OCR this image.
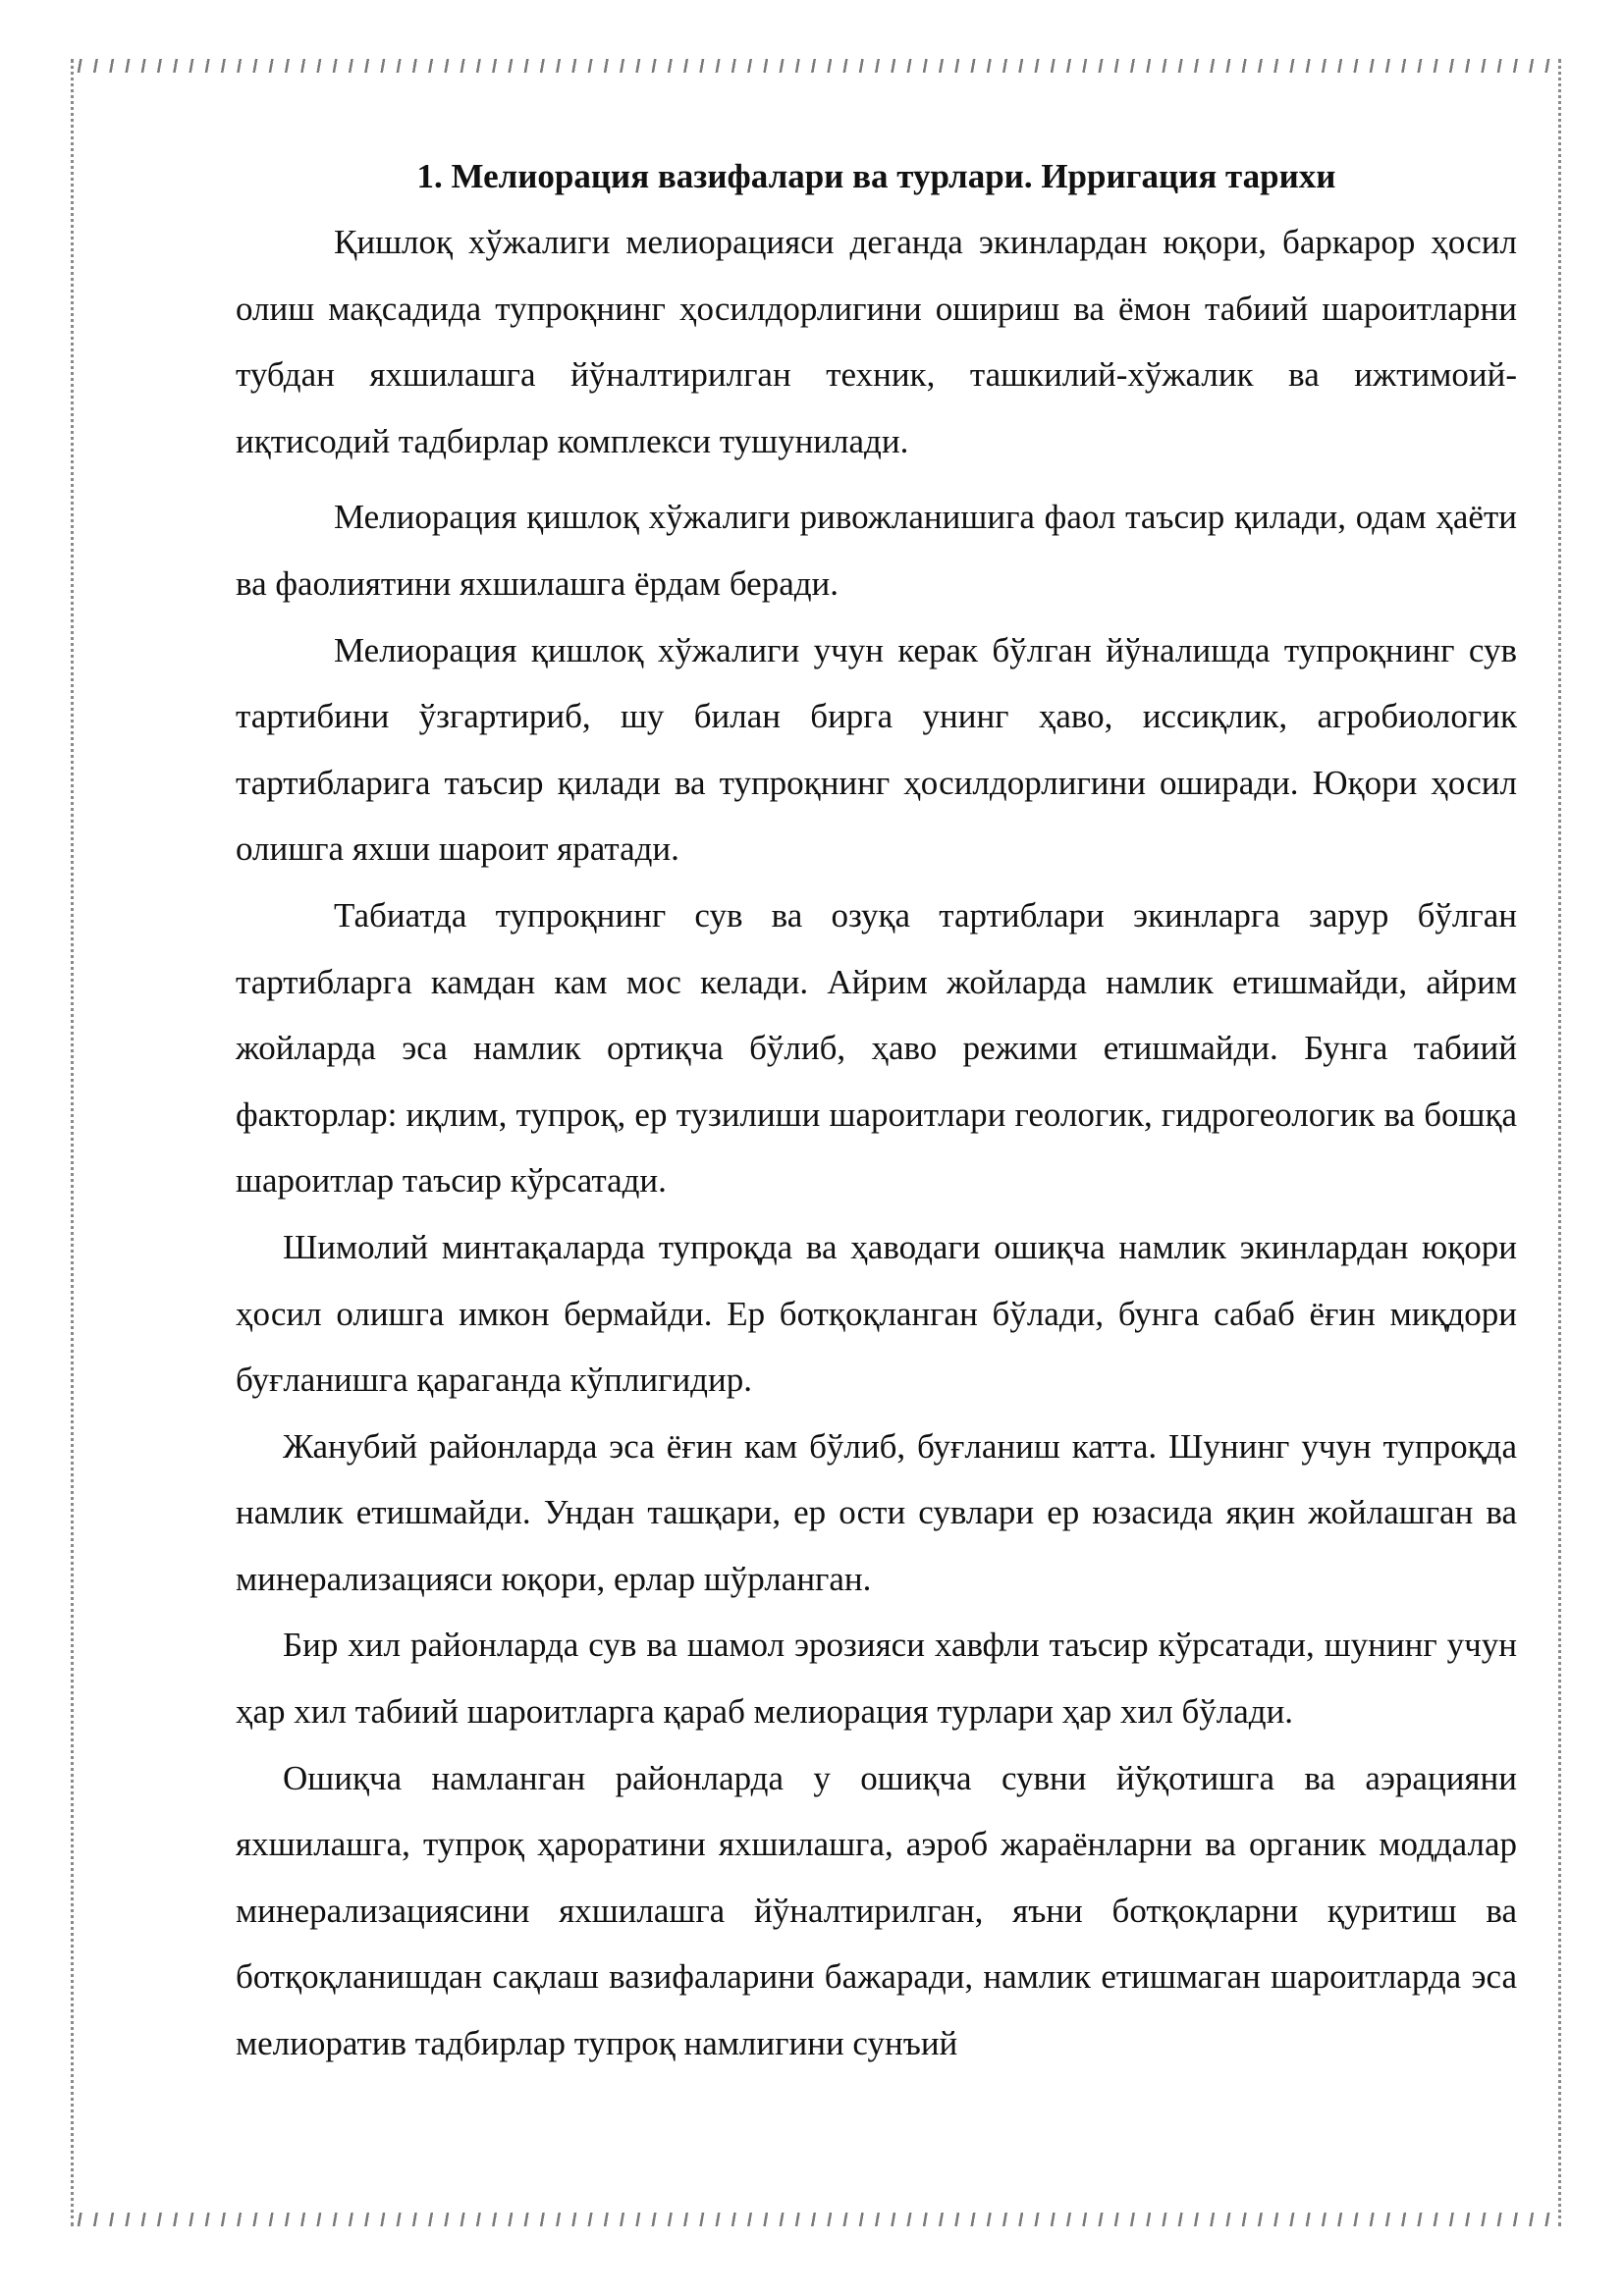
1. Мелиорация вазифалари ва турлари. Ирригация тарихи

Қишлоқ хўжалиги мелиорацияси деганда экинлардан юқори, баркарор ҳосил олиш мақсадида тупроқнинг ҳосилдорлигини ошириш ва ёмон табиий шароитларни тубдан яхшилашга йўналтирилган техник, ташкилий-хўжалик ва ижтимоий- иқтисодий тадбирлар комплекси тушунилади.

Мелиорация қишлоқ хўжалиги ривожланишига фаол таъсир қилади, одам ҳаёти ва фаолиятини яхшилашга ёрдам беради.

Мелиорация қишлоқ хўжалиги учун керак бўлган йўналишда тупроқнинг сув тартибини ўзгартириб, шу билан бирга унинг ҳаво, иссиқлик, агробиологик тартибларига таъсир қилади ва тупроқнинг ҳосилдорлигини оширади. Юқори ҳосил олишга яхши шароит яратади.

Табиатда тупроқнинг сув ва озуқа тартиблари экинларга зарур бўлган тартибларга камдан кам мос келади. Айрим жойларда намлик етишмайди, айрим жойларда эса намлик ортиқча бўлиб, ҳаво режими етишмайди. Бунга табиий факторлар: иқлим, тупроқ, ер тузилиши шароитлари геологик, гидрогеологик ва бошқа шароитлар таъсир кўрсатади.

Шимолий минтақаларда тупроқда ва ҳаводаги ошиқча намлик экинлардан юқори ҳосил олишга имкон бермайди. Ер ботқоқланган бўлади, бунга сабаб ёғин миқдори буғланишга қараганда кўплигидир.

Жанубий районларда эса ёғин кам бўлиб, буғланиш катта. Шунинг учун тупроқда намлик етишмайди. Ундан ташқари, ер ости сувлари ер юзасида яқин жойлашган ва минерализацияси юқори, ерлар шўрланган.

Бир хил районларда сув ва шамол эрозияси хавфли таъсир кўрсатади, шунинг учун ҳар хил табиий шароитларга қараб мелиорация турлари ҳар хил бўлади.

Ошиқча намланган районларда у ошиқча сувни йўқотишга ва аэрацияни яхшилашга, тупроқ ҳароратини яхшилашга, аэроб жараёнларни ва органик моддалар минерализациясини яхшилашга йўналтирилган, яъни ботқоқларни қуритиш ва ботқоқланишдан сақлаш вазифаларини бажаради, намлик етишмаган шароитларда эса мелиоратив тадбирлар тупроқ намлигини сунъий
